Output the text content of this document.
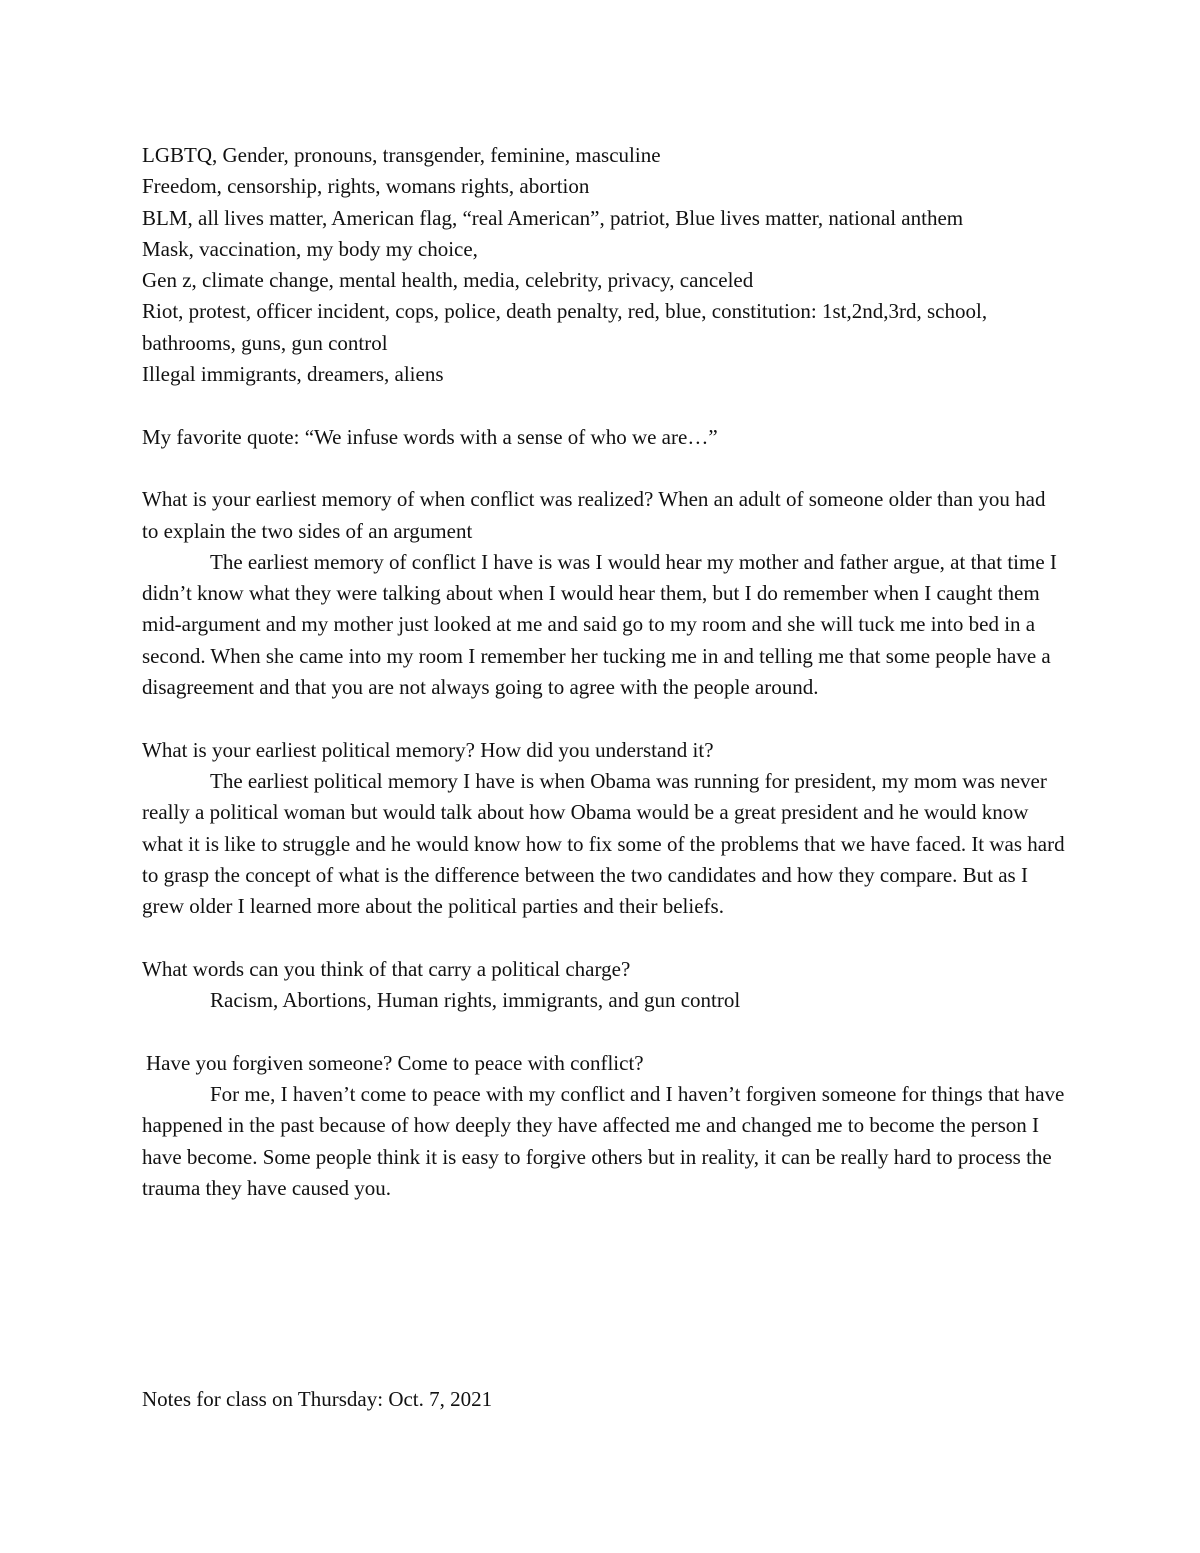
LGBTQ, Gender, pronouns, transgender, feminine, masculine
Freedom, censorship, rights, womans rights, abortion
BLM, all lives matter, American flag, “real American”, patriot, Blue lives matter, national anthem
Mask, vaccination, my body my choice,
Gen z, climate change, mental health, media, celebrity, privacy, canceled
Riot, protest, officer incident, cops, police, death penalty, red, blue, constitution: 1st,2nd,3rd, school, bathrooms, guns, gun control
Illegal immigrants, dreamers, aliens
My favorite quote: “We infuse words with a sense of who we are…”
What is your earliest memory of when conflict was realized? When an adult of someone older than you had to explain the two sides of an argument
The earliest memory of conflict I have is was I would hear my mother and father argue, at that time I didn’t know what they were talking about when I would hear them, but I do remember when I caught them mid-argument and my mother just looked at me and said go to my room and she will tuck me into bed in a second. When she came into my room I remember her tucking me in and telling me that some people have a disagreement and that you are not always going to agree with the people around.
What is your earliest political memory? How did you understand it?
The earliest political memory I have is when Obama was running for president, my mom was never really a political woman but would talk about how Obama would be a great president and he would know what it is like to struggle and he would know how to fix some of the problems that we have faced. It was hard to grasp the concept of what is the difference between the two candidates and how they compare. But as I grew older I learned more about the political parties and their beliefs.
What words can you think of that carry a political charge?
Racism, Abortions, Human rights, immigrants, and gun control
Have you forgiven someone? Come to peace with conflict?
For me, I haven’t come to peace with my conflict and I haven’t forgiven someone for things that have happened in the past because of how deeply they have affected me and changed me to become the person I have become. Some people think it is easy to forgive others but in reality, it can be really hard to process the trauma they have caused you.
Notes for class on Thursday: Oct. 7, 2021
